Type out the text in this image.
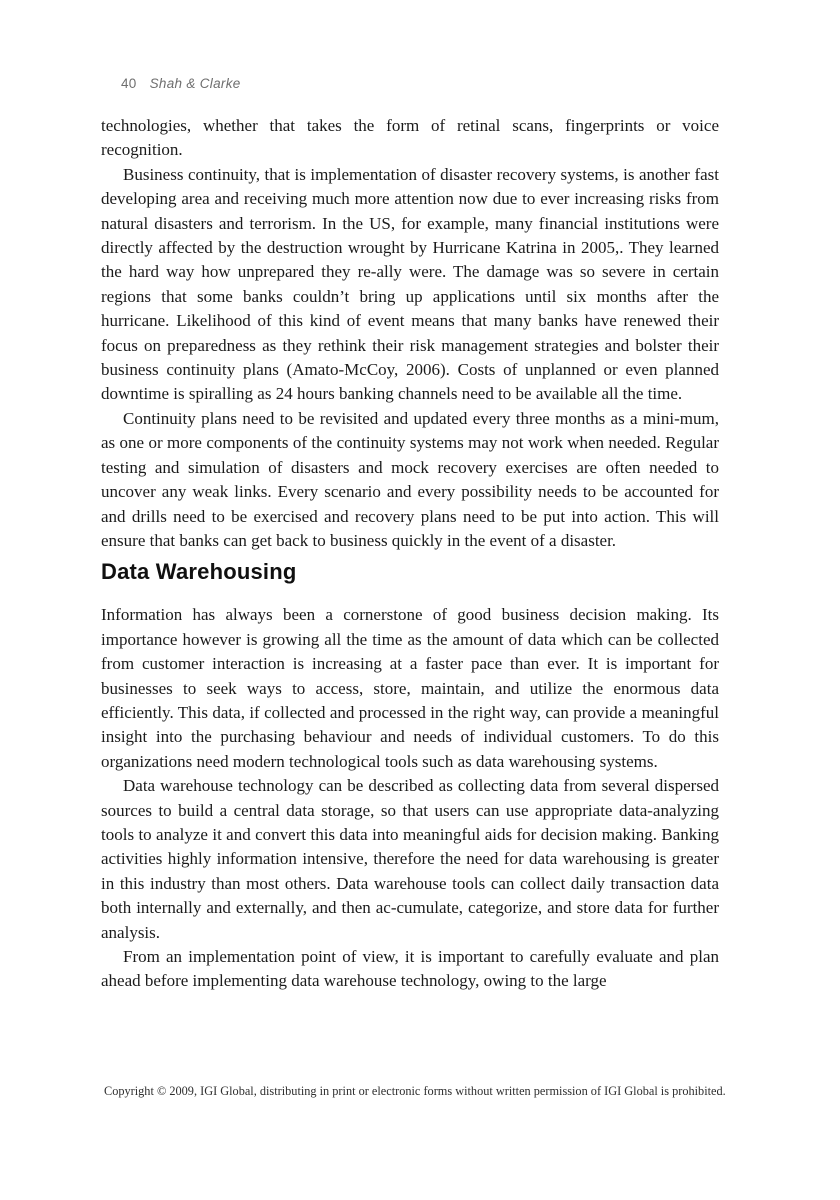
40 Shah & Clarke

technologies, whether that takes the form of retinal scans, fingerprints or voice recognition.

Business continuity, that is implementation of disaster recovery systems, is another fast developing area and receiving much more attention now due to ever increasing risks from natural disasters and terrorism. In the US, for example, many financial institutions were directly affected by the destruction wrought by Hurricane Katrina in 2005,. They learned the hard way how unprepared they re-ally were. The damage was so severe in certain regions that some banks couldn’t bring up applications until six months after the hurricane. Likelihood of this kind of event means that many banks have renewed their focus on preparedness as they rethink their risk management strategies and bolster their business continuity plans (Amato-McCoy, 2006). Costs of unplanned or even planned downtime is spiralling as 24 hours banking channels need to be available all the time.

Continuity plans need to be revisited and updated every three months as a mini-mum, as one or more components of the continuity systems may not work when needed. Regular testing and simulation of disasters and mock recovery exercises are often needed to uncover any weak links. Every scenario and every possibility needs to be accounted for and drills need to be exercised and recovery plans need to be put into action. This will ensure that banks can get back to business quickly in the event of a disaster.

Data Warehousing

Information has always been a cornerstone of good business decision making. Its importance however is growing all the time as the amount of data which can be collected from customer interaction is increasing at a faster pace than ever. It is important for businesses to seek ways to access, store, maintain, and utilize the enormous data efficiently. This data, if collected and processed in the right way, can provide a meaningful insight into the purchasing behaviour and needs of individual customers. To do this organizations need modern technological tools such as data warehousing systems.

Data warehouse technology can be described as collecting data from several dispersed sources to build a central data storage, so that users can use appropriate data-analyzing tools to analyze it and convert this data into meaningful aids for decision making. Banking activities highly information intensive, therefore the need for data warehousing is greater in this industry than most others. Data warehouse tools can collect daily transaction data both internally and externally, and then ac-cumulate, categorize, and store data for further analysis.

From an implementation point of view, it is important to carefully evaluate and plan ahead before implementing data warehouse technology, owing to the large

Copyright © 2009, IGI Global, distributing in print or electronic forms without written permission of IGI Global is prohibited.
